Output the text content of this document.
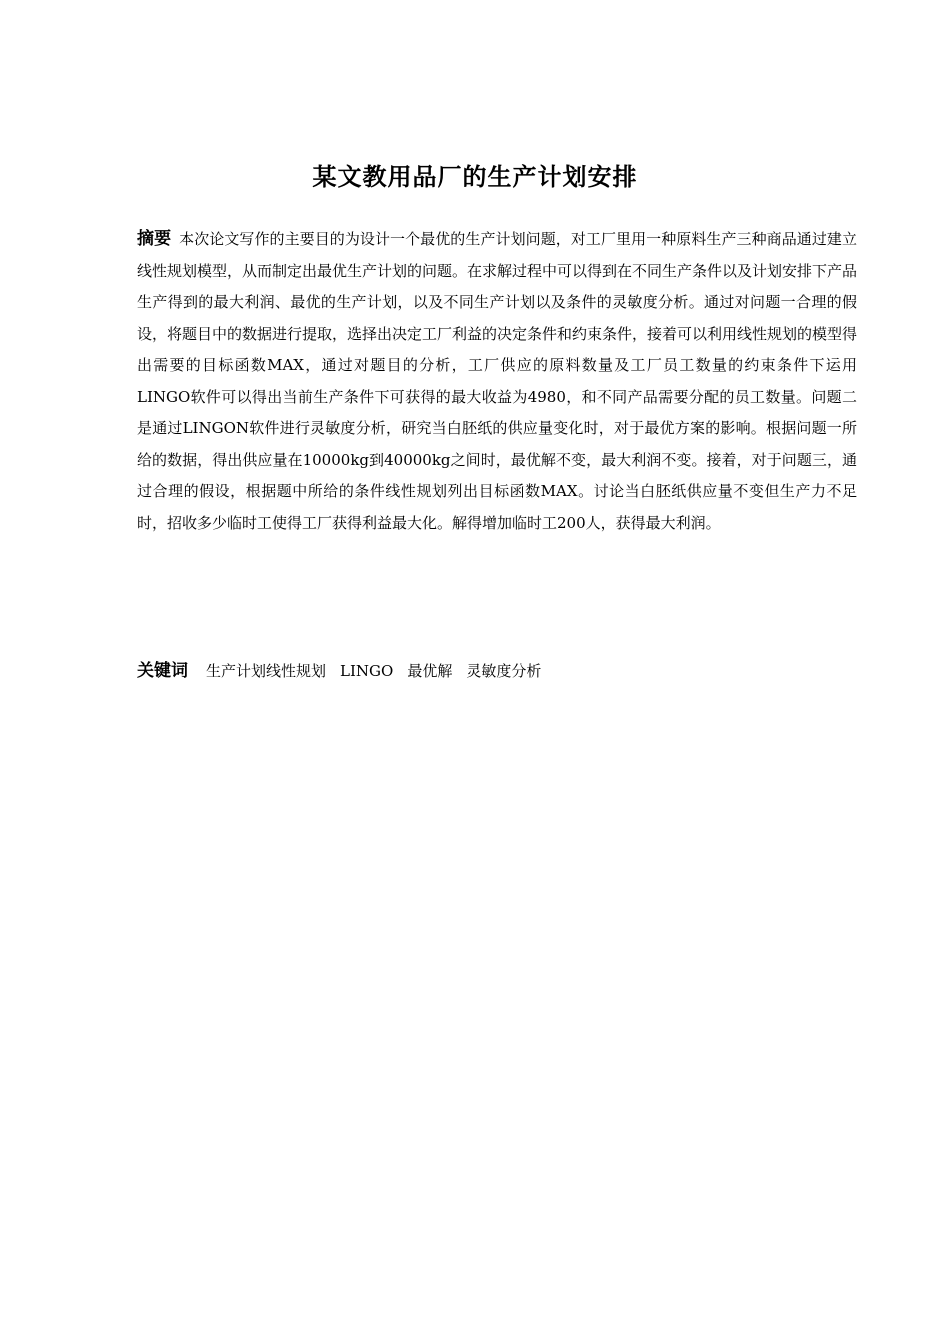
某文教用品厂的生产计划安排

摘要 本次论文写作的主要目的为设计一个最优的生产计划问题，对工厂里用一种原料生产三种商品通过建立线性规划模型，从而制定出最优生产计划的问题。在求解过程中可以得到在不同生产条件以及计划安排下产品生产得到的最大利润、最优的生产计划，以及不同生产计划以及条件的灵敏度分析。通过对问题一合理的假设，将题目中的数据进行提取，选择出决定工厂利益的决定条件和约束条件，接着可以利用线性规划的模型得出需要的目标函数MAX，通过对题目的分析，工厂供应的原料数量及工厂员工数量的约束条件下运用LINGO软件可以得出当前生产条件下可获得的最大收益为4980，和不同产品需要分配的员工数量。问题二是通过LINGON软件进行灵敏度分析，研究当白胚纸的供应量变化时，对于最优方案的影响。根据问题一所给的数据，得出供应量在10000kg到40000kg之间时，最优解不变，最大利润不变。接着，对于问题三，通过合理的假设，根据题中所给的条件线性规划列出目标函数MAX。讨论当白胚纸供应量不变但生产力不足时，招收多少临时工使得工厂获得利益最大化。解得增加临时工200人，获得最大利润。

关键词 生产计划线性规划 LINGO 最优解 灵敏度分析
